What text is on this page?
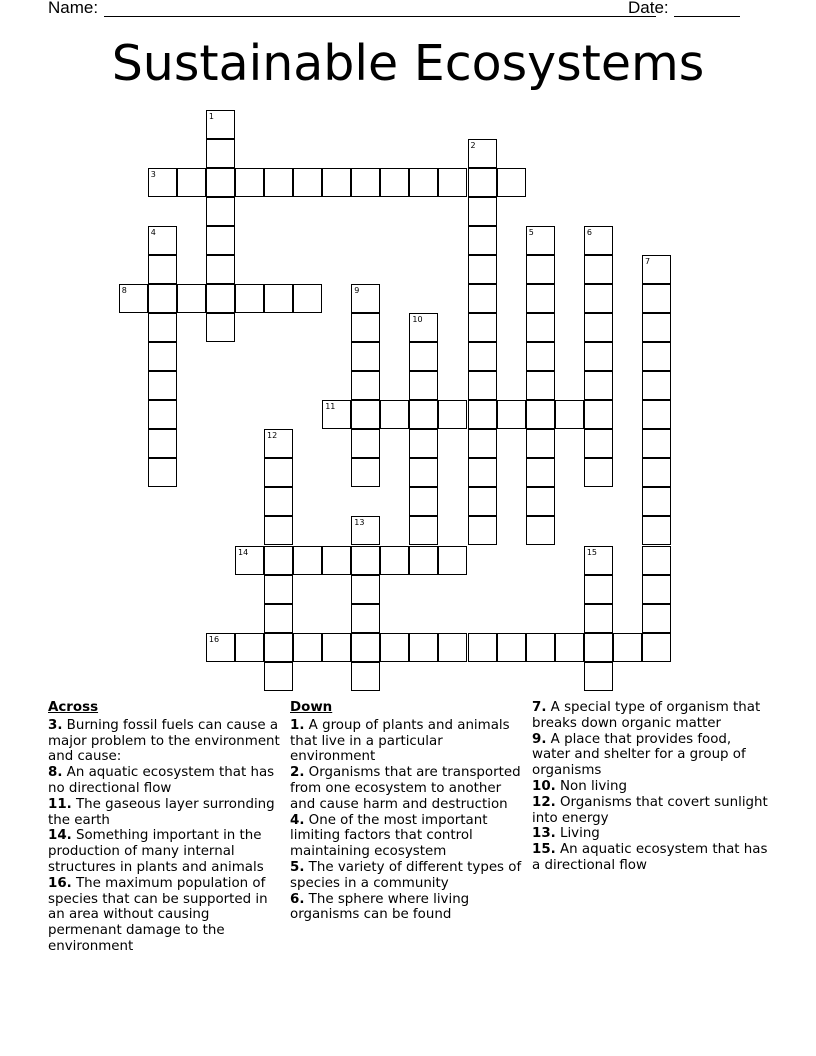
Name:	Date:
Sustainable Ecosystems
1
2
3
4	5	6
7
8	9
10
11
12
13
14	15
16
Across
3. Burning fossil fuels can cause a major problem to the environment and cause:
8. An aquatic ecosystem that has no directional flow
11. The gaseous layer surronding the earth
14. Something important in the production of many internal structures in plants and animals
16. The maximum population of species that can be supported in an area without causing permenant damage to the environment
Down
1. A group of plants and animals that live in a particular environment
2. Organisms that are transported from one ecosystem to another and cause harm and destruction
4. One of the most important limiting factors that control maintaining ecosystem
5. The variety of different types of species in a community
6. The sphere where living organisms can be found
7. A special type of organism that breaks down organic matter
9. A place that provides food, water and shelter for a group of organisms
10. Non living
12. Organisms that covert sunlight into energy
13. Living
15. An aquatic ecosystem that has a directional flow
